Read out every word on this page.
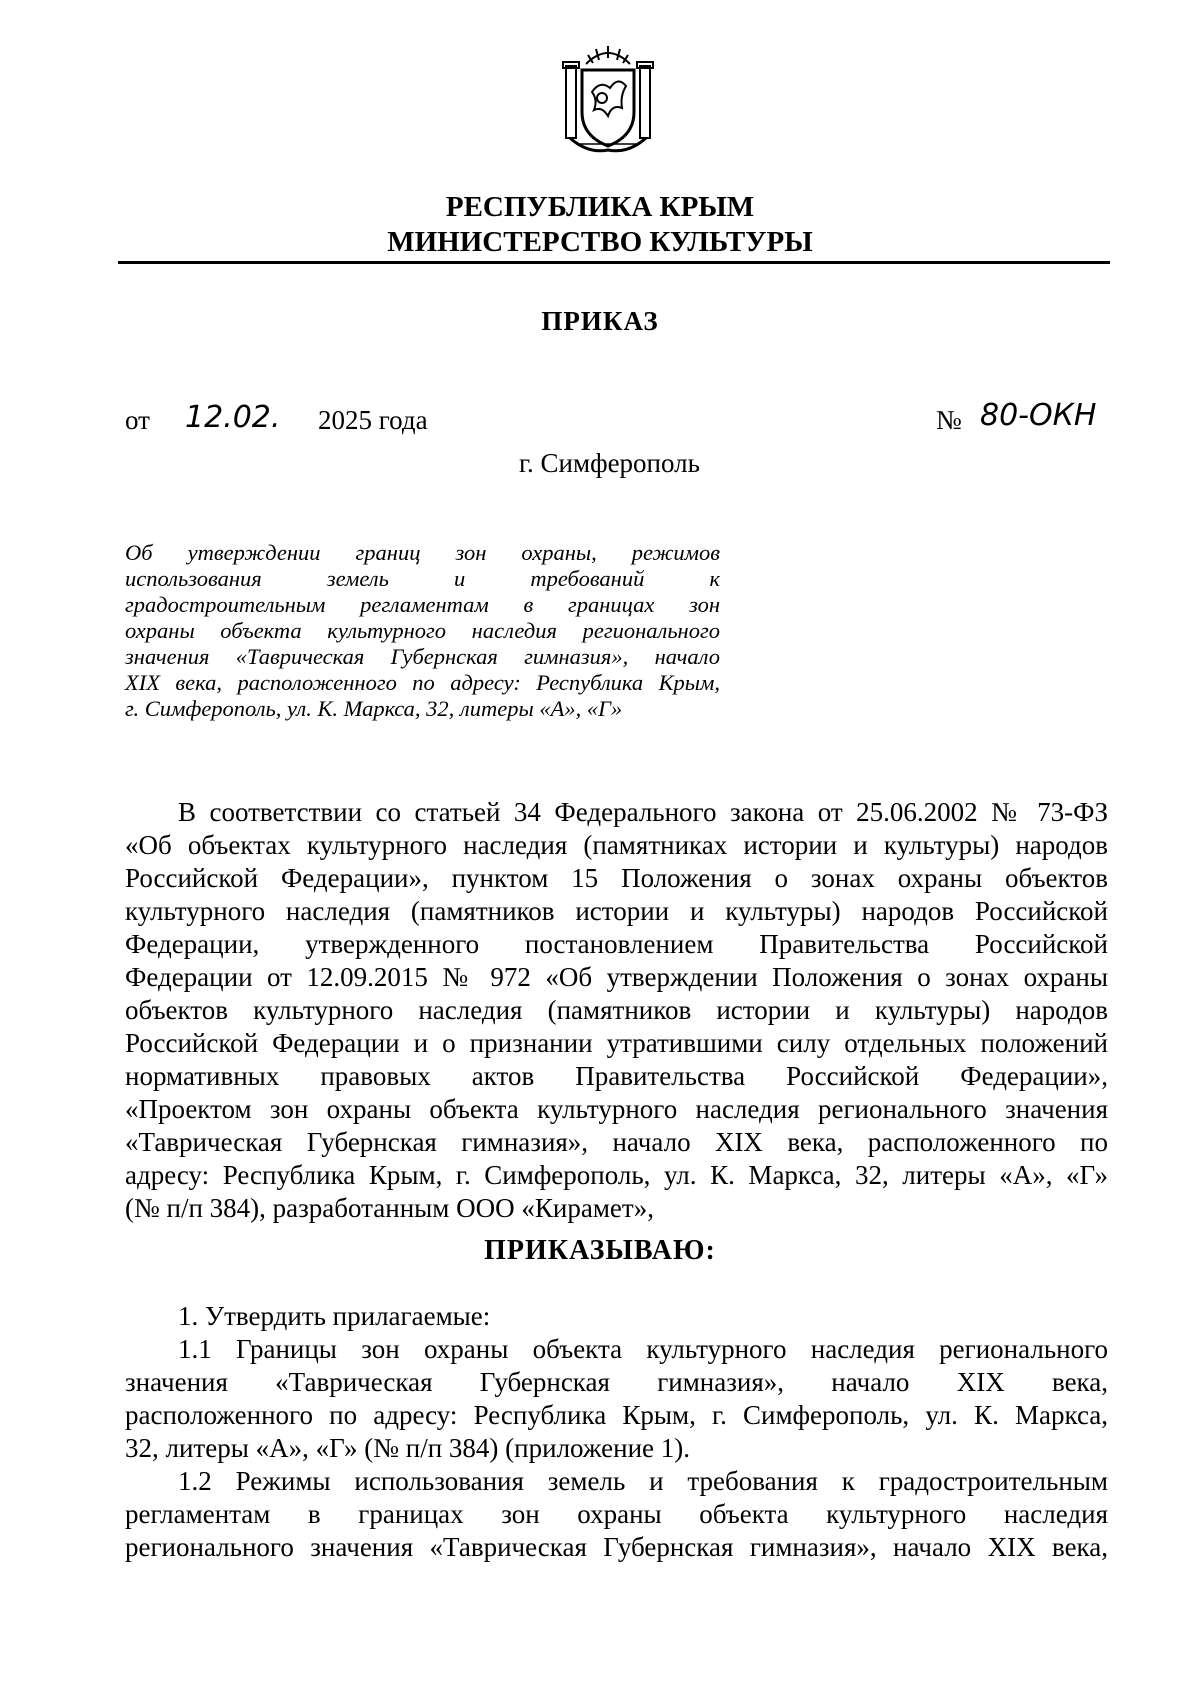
РЕСПУБЛИКА КРЫМ
МИНИСТЕРСТВО КУЛЬТУРЫ
ПРИКАЗ
от 12.02. 2025 года	№ 80-ОКН
г. Симферополь
Об утверждении границ зон охраны, режимов
использования земель и требований к
градостроительным регламентам в границах зон
охраны объекта культурного наследия регионального
значения «Таврическая Губернская гимназия», начало
XIX века, расположенного по адресу: Республика Крым,
г. Симферополь, ул. К. Маркса, 32, литеры «А», «Г»
В соответствии со статьей 34 Федерального закона от 25.06.2002 № 73-ФЗ
«Об объектах культурного наследия (памятниках истории и культуры) народов
Российской Федерации», пунктом 15 Положения о зонах охраны объектов
культурного наследия (памятников истории и культуры) народов Российской
Федерации, утвержденного постановлением Правительства Российской
Федерации от 12.09.2015 № 972 «Об утверждении Положения о зонах охраны
объектов культурного наследия (памятников истории и культуры) народов
Российской Федерации и о признании утратившими силу отдельных положений
нормативных правовых актов Правительства Российской Федерации»,
«Проектом зон охраны объекта культурного наследия регионального значения
«Таврическая Губернская гимназия», начало XIX века, расположенного по
адресу: Республика Крым, г. Симферополь, ул. К. Маркса, 32, литеры «А», «Г»
(№ п/п 384), разработанным ООО «Кирамет»,
ПРИКАЗЫВАЮ:
1. Утвердить прилагаемые:
1.1 Границы зон охраны объекта культурного наследия регионального
значения «Таврическая Губернская гимназия», начало XIX века,
расположенного по адресу: Республика Крым, г. Симферополь, ул. К. Маркса,
32, литеры «А», «Г» (№ п/п 384) (приложение 1).
1.2 Режимы использования земель и требования к градостроительным
регламентам в границах зон охраны объекта культурного наследия
регионального значения «Таврическая Губернская гимназия», начало XIX века,
